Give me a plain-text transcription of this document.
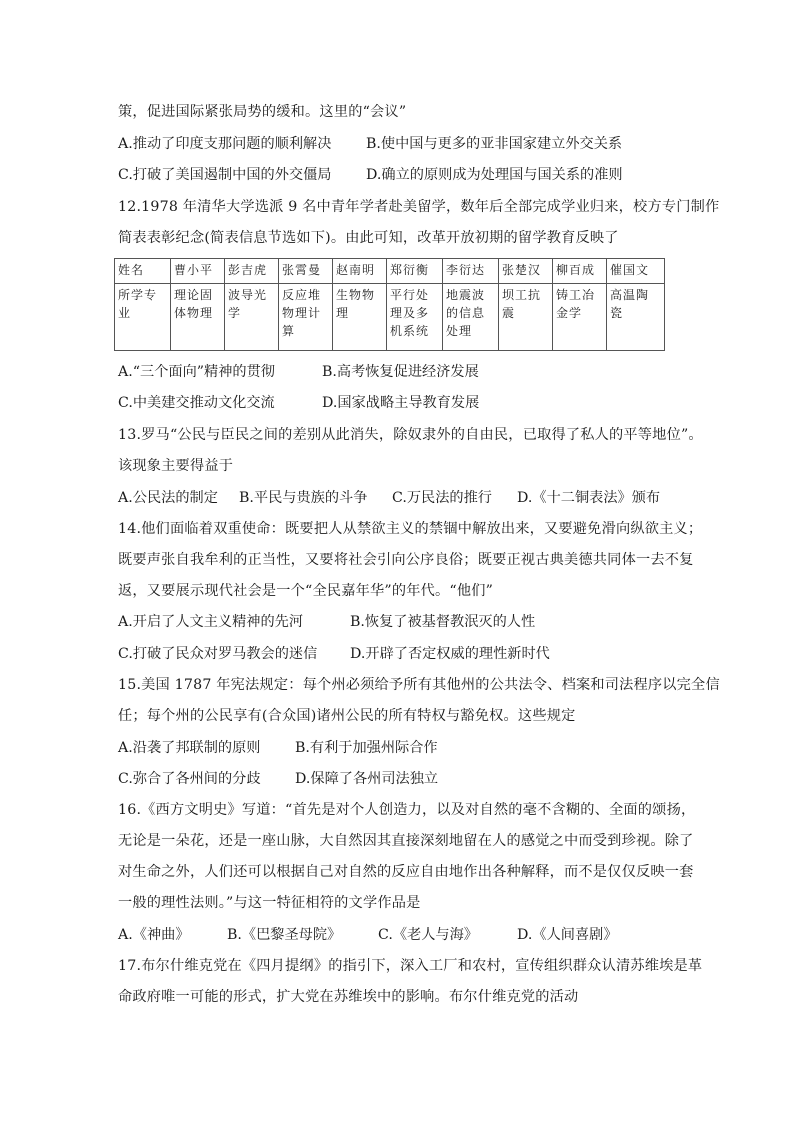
策，促进国际紧张局势的缓和。这里的“会议”
A.推动了印度支那问题的顺利解决 B.使中国与更多的亚非国家建立外交关系
C.打破了美国遏制中国的外交僵局 D.确立的原则成为处理国与国关系的准则
12.1978 年清华大学选派 9 名中青年学者赴美留学，数年后全部完成学业归来，校方专门制作
简表表彰纪念(简表信息节选如下)。由此可知，改革开放初期的留学教育反映了
姓名	曹小平	彭吉虎	张霄曼	赵南明	郑衍衡	李衍达	张楚汉	柳百成	催国文
所学专业	理论固体物理	波导光学	反应堆物理计算	生物物理	平行处理及多机系统	地震波的信息处理	坝工抗震	铸工冶金学	高温陶瓷
A.“三个面向”精神的贯彻	B.高考恢复促进经济发展
C.中美建交推动文化交流	D.国家战略主导教育发展
13.罗马“公民与臣民之间的差别从此消失，除奴隶外的自由民，已取得了私人的平等地位”。
该现象主要得益于
A.公民法的制定 B.平民与贵族的斗争 C.万民法的推行 D.《十二铜表法》颁布
14.他们面临着双重使命：既要把人从禁欲主义的禁锢中解放出来，又要避免滑向纵欲主义；
既要声张自我牟利的正当性，又要将社会引向公序良俗；既要正视古典美德共同体一去不复
返，又要展示现代社会是一个“全民嘉年华”的年代。“他们”
A.开启了人文主义精神的先河	B.恢复了被基督教泯灭的人性
C.打破了民众对罗马教会的迷信 D.开辟了否定权威的理性新时代
15.美国 1787 年宪法规定：每个州必须给予所有其他州的公共法令、档案和司法程序以完全信
任；每个州的公民享有(合众国)诸州公民的所有特权与豁免权。这些规定
A.沿袭了邦联制的原则 B.有利于加强州际合作
C.弥合了各州间的分歧 D.保障了各州司法独立
16.《西方文明史》写道：“首先是对个人创造力，以及对自然的毫不含糊的、全面的颂扬，
无论是一朵花，还是一座山脉，大自然因其直接深刻地留在人的感觉之中而受到珍视。除了
对生命之外，人们还可以根据自己对自然的反应自由地作出各种解释，而不是仅仅反映一套
一般的理性法则。”与这一特征相符的文学作品是
A.《神曲》	B.《巴黎圣母院》	C.《老人与海》	D.《人间喜剧》
17.布尔什维克党在《四月提纲》的指引下，深入工厂和农村，宣传组织群众认清苏维埃是革
命政府唯一可能的形式，扩大党在苏维埃中的影响。布尔什维克党的活动
